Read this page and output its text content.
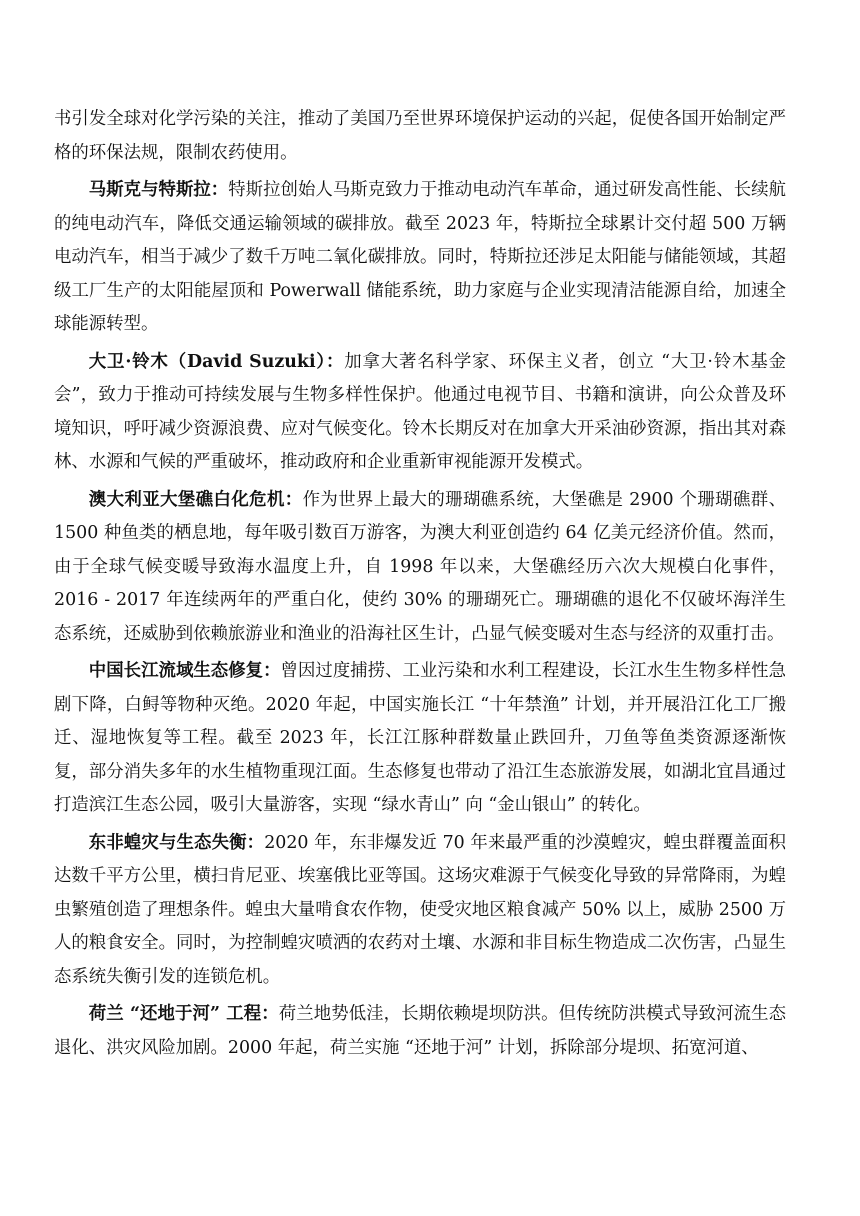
书引发全球对化学污染的关注，推动了美国乃至世界环境保护运动的兴起，促使各国开始制定严格的环保法规，限制农药使用。

马斯克与特斯拉：特斯拉创始人马斯克致力于推动电动汽车革命，通过研发高性能、长续航的纯电动汽车，降低交通运输领域的碳排放。截至 2023 年，特斯拉全球累计交付超 500 万辆电动汽车，相当于减少了数千万吨二氧化碳排放。同时，特斯拉还涉足太阳能与储能领域，其超级工厂生产的太阳能屋顶和 Powerwall 储能系统，助力家庭与企业实现清洁能源自给，加速全球能源转型。

大卫·铃木（David Suzuki）：加拿大著名科学家、环保主义者，创立 “大卫·铃木基金会”，致力于推动可持续发展与生物多样性保护。他通过电视节目、书籍和演讲，向公众普及环境知识，呼吁减少资源浪费、应对气候变化。铃木长期反对在加拿大开采油砂资源，指出其对森林、水源和气候的严重破坏，推动政府和企业重新审视能源开发模式。

澳大利亚大堡礁白化危机：作为世界上最大的珊瑚礁系统，大堡礁是 2900 个珊瑚礁群、1500 种鱼类的栖息地，每年吸引数百万游客，为澳大利亚创造约 64 亿美元经济价值。然而，由于全球气候变暖导致海水温度上升，自 1998 年以来，大堡礁经历六次大规模白化事件，2016 - 2017 年连续两年的严重白化，使约 30% 的珊瑚死亡。珊瑚礁的退化不仅破坏海洋生态系统，还威胁到依赖旅游业和渔业的沿海社区生计，凸显气候变暖对生态与经济的双重打击。

中国长江流域生态修复：曾因过度捕捞、工业污染和水利工程建设，长江水生生物多样性急剧下降，白鲟等物种灭绝。2020 年起，中国实施长江 “十年禁渔” 计划，并开展沿江化工厂搬迁、湿地恢复等工程。截至 2023 年，长江江豚种群数量止跌回升，刀鱼等鱼类资源逐渐恢复，部分消失多年的水生植物重现江面。生态修复也带动了沿江生态旅游发展，如湖北宜昌通过打造滨江生态公园，吸引大量游客，实现 “绿水青山” 向 “金山银山” 的转化。

东非蝗灾与生态失衡：2020 年，东非爆发近 70 年来最严重的沙漠蝗灾，蝗虫群覆盖面积达数千平方公里，横扫肯尼亚、埃塞俄比亚等国。这场灾难源于气候变化导致的异常降雨，为蝗虫繁殖创造了理想条件。蝗虫大量啃食农作物，使受灾地区粮食减产 50% 以上，威胁 2500 万人的粮食安全。同时，为控制蝗灾喷洒的农药对土壤、水源和非目标生物造成二次伤害，凸显生态系统失衡引发的连锁危机。

荷兰 “还地于河” 工程：荷兰地势低洼，长期依赖堤坝防洪。但传统防洪模式导致河流生态退化、洪灾风险加剧。2000 年起，荷兰实施 “还地于河” 计划，拆除部分堤坝、拓宽河道、
